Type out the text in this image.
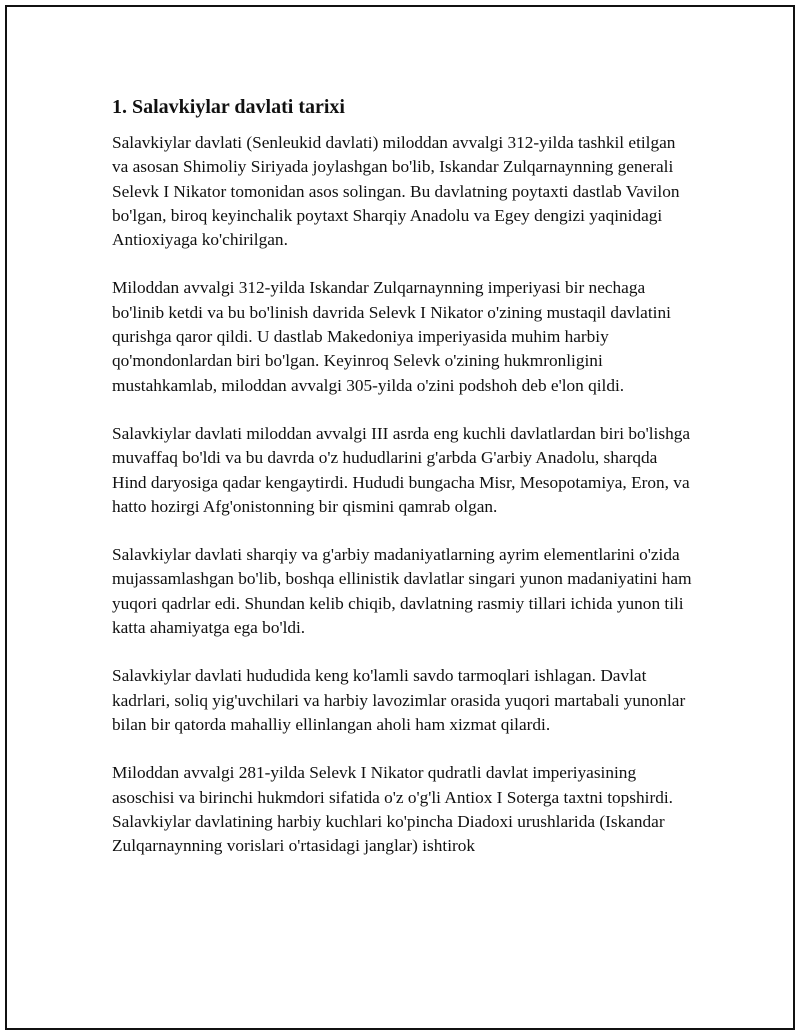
1. Salavkiylar davlati tarixi

Salavkiylar davlati (Senleukid davlati) miloddan avvalgi 312-yilda tashkil etilgan va asosan Shimoliy Siriyada joylashgan bo'lib, Iskandar Zulqarnaynning generali Selevk I Nikator tomonidan asos solingan. Bu davlatning poytaxti dastlab Vavilon bo'lgan, biroq keyinchalik poytaxt Sharqiy Anadolu va Egey dengizi yaqinidagi Antioxiyaga ko'chirilgan.

Miloddan avvalgi 312-yilda Iskandar Zulqarnaynning imperiyasi bir nechaga bo'linib ketdi va bu bo'linish davrida Selevk I Nikator o'zining mustaqil davlatini qurishga qaror qildi. U dastlab Makedoniya imperiyasida muhim harbiy qo'mondonlardan biri bo'lgan. Keyinroq Selevk o'zining hukmronligini mustahkamlab, miloddan avvalgi 305-yilda o'zini podshoh deb e'lon qildi.

Salavkiylar davlati miloddan avvalgi III asrda eng kuchli davlatlardan biri bo'lishga muvaffaq bo'ldi va bu davrda o'z hududlarini g'arbda G'arbiy Anadolu, sharqda Hind daryosiga qadar kengaytirdi. Hududi bungacha Misr, Mesopotamiya, Eron, va hatto hozirgi Afg'onistonning bir qismini qamrab olgan.

Salavkiylar davlati sharqiy va g'arbiy madaniyatlarning ayrim elementlarini o'zida mujassamlashgan bo'lib, boshqa ellinistik davlatlar singari yunon madaniyatini ham yuqori qadrlar edi. Shundan kelib chiqib, davlatning rasmiy tillari ichida yunon tili katta ahamiyatga ega bo'ldi.

Salavkiylar davlati hududida keng ko'lamli savdo tarmoqlari ishlagan. Davlat kadrlari, soliq yig'uvchilari va harbiy lavozimlar orasida yuqori martabali yunonlar bilan bir qatorda mahalliy ellinlangan aholi ham xizmat qilardi.

Miloddan avvalgi 281-yilda Selevk I Nikator qudratli davlat imperiyasining asoschisi va birinchi hukmdori sifatida o'z o'g'li Antiox I Soterga taxtni topshirdi. Salavkiylar davlatining harbiy kuchlari ko'pincha Diadoxi urushlarida (Iskandar Zulqarnaynning vorislari o'rtasidagi janglar) ishtirok
